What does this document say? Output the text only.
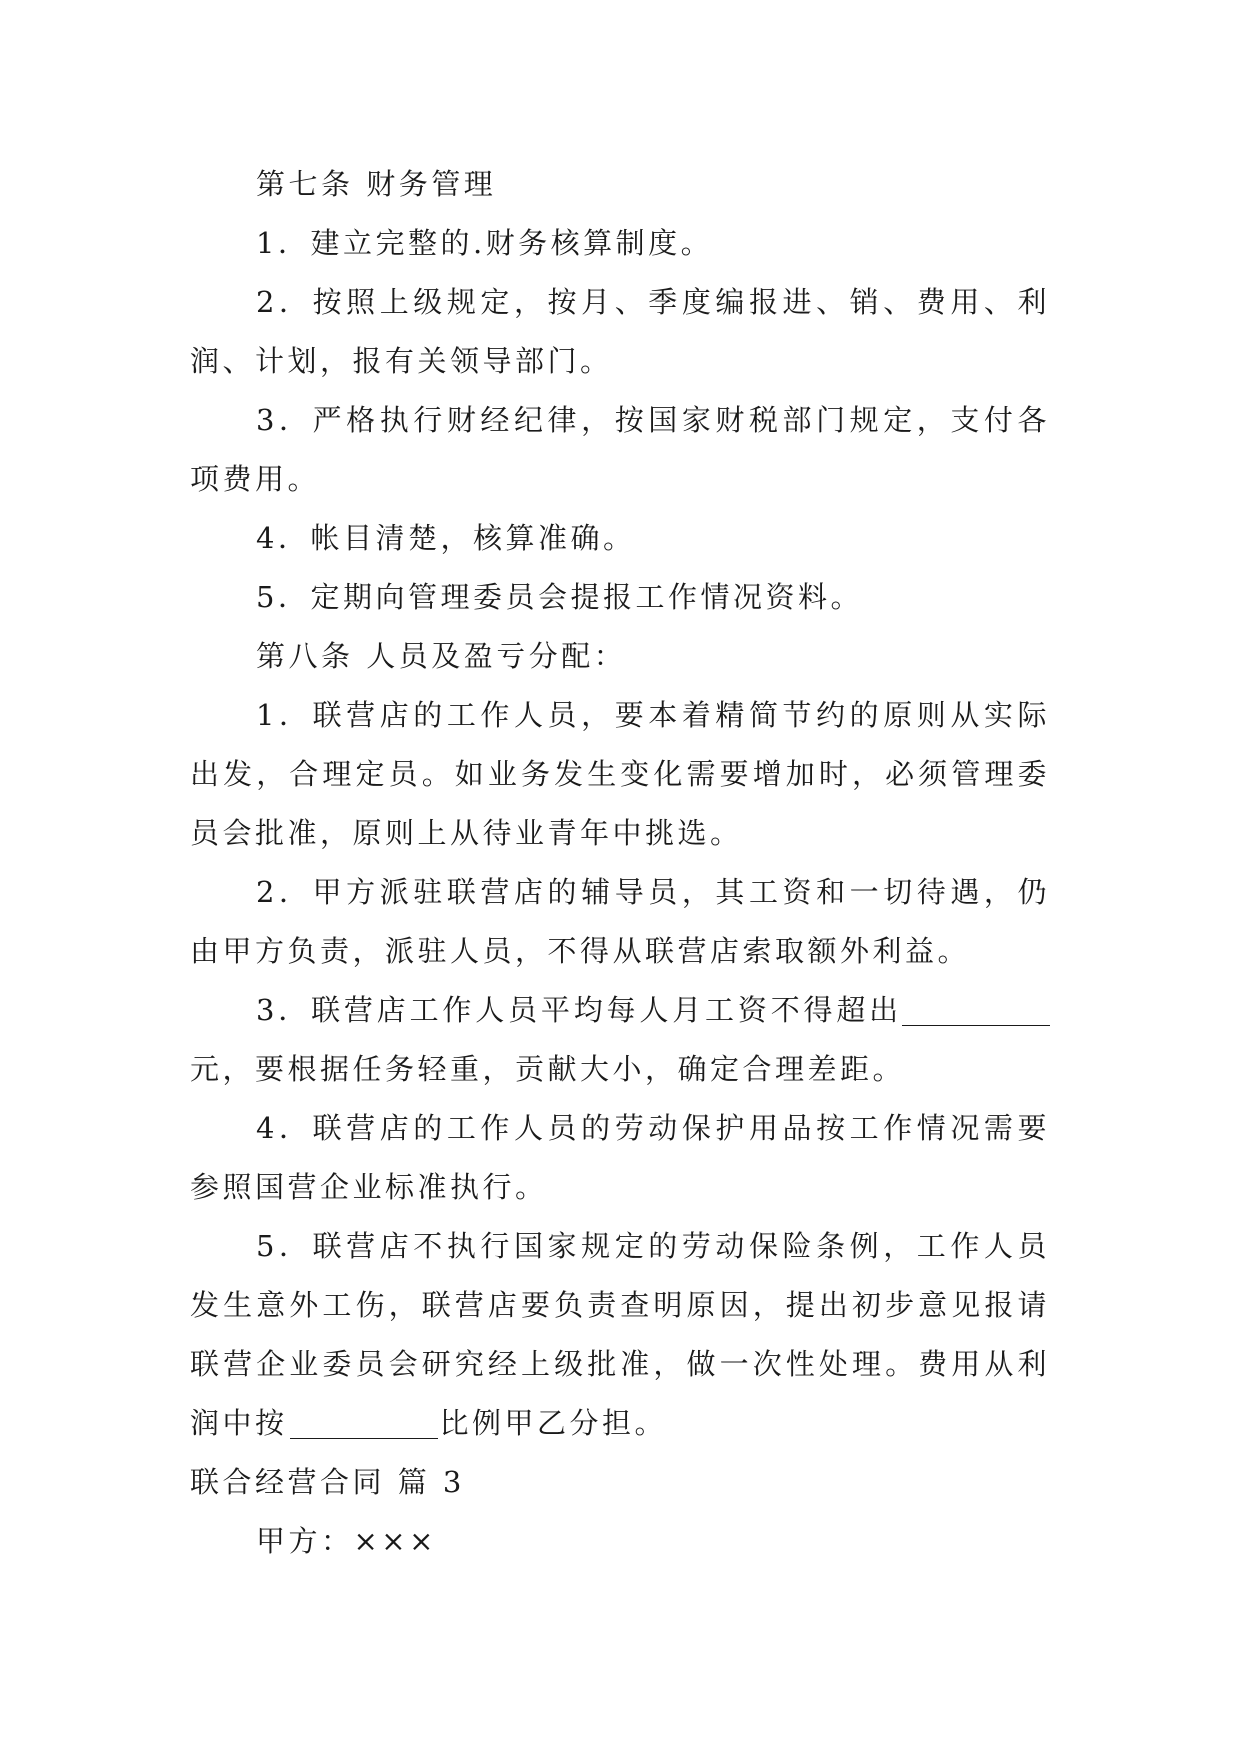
第七条 财务管理

1．建立完整的.财务核算制度。

2．按照上级规定，按月、季度编报进、销、费用、利润、计划，报有关领导部门。

3．严格执行财经纪律，按国家财税部门规定，支付各项费用。

4．帐目清楚，核算准确。

5．定期向管理委员会提报工作情况资料。

第八条 人员及盈亏分配：

1．联营店的工作人员，要本着精简节约的原则从实际出发，合理定员。如业务发生变化需要增加时，必须管理委员会批准，原则上从待业青年中挑选。

2．甲方派驻联营店的辅导员，其工资和一切待遇，仍由甲方负责，派驻人员，不得从联营店索取额外利益。

3．联营店工作人员平均每人月工资不得超出元，要根据任务轻重，贡献大小，确定合理差距。

4．联营店的工作人员的劳动保护用品按工作情况需要参照国营企业标准执行。

5．联营店不执行国家规定的劳动保险条例，工作人员发生意外工伤，联营店要负责查明原因，提出初步意见报请联营企业委员会研究经上级批准，做一次性处理。费用从利润中按	比例甲乙分担。

联合经营合同 篇 3

甲方：×××
